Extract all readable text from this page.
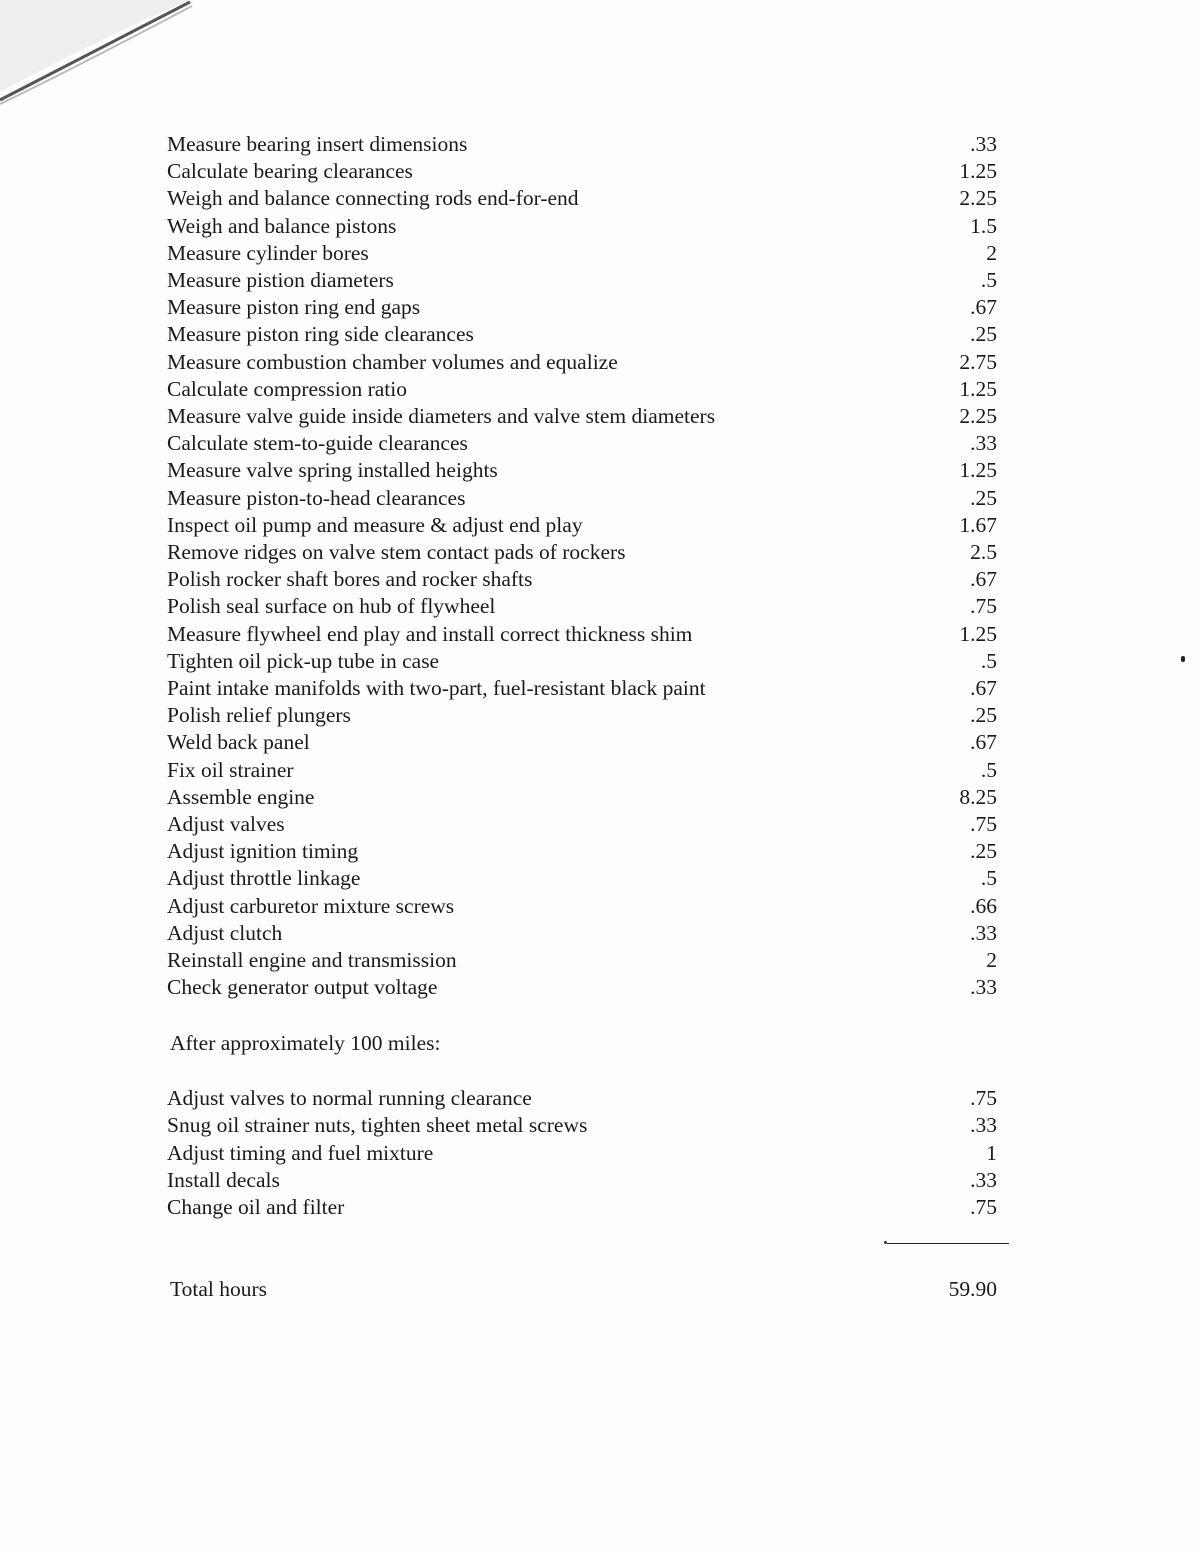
Measure bearing insert dimensions	.33
Calculate bearing clearances	1.25
Weigh and balance connecting rods end-for-end	2.25
Weigh and balance pistons	1.5
Measure cylinder bores	2
Measure pistion diameters	.5
Measure piston ring end gaps	.67
Measure piston ring side clearances	.25
Measure combustion chamber volumes and equalize	2.75
Calculate compression ratio	1.25
Measure valve guide inside diameters and valve stem diameters	2.25
Calculate stem-to-guide clearances	.33
Measure valve spring installed heights	1.25
Measure piston-to-head clearances	.25
Inspect oil pump and measure & adjust end play	1.67
Remove ridges on valve stem contact pads of rockers	2.5
Polish rocker shaft bores and rocker shafts	.67
Polish seal surface on hub of flywheel	.75
Measure flywheel end play and install correct thickness shim	1.25
Tighten oil pick-up tube in case	.5
Paint intake manifolds with two-part, fuel-resistant black paint	.67
Polish relief plungers	.25
Weld back panel	.67
Fix oil strainer	.5
Assemble engine	8.25
Adjust valves	.75
Adjust ignition timing	.25
Adjust throttle linkage	.5
Adjust carburetor mixture screws	.66
Adjust clutch	.33
Reinstall engine and transmission	2
Check generator output voltage	.33
After approximately 100 miles:
Adjust valves to normal running clearance	.75
Snug oil strainer nuts, tighten sheet metal screws	.33
Adjust timing and fuel mixture	1
Install decals	.33
Change oil and filter	.75
Total hours	59.90
